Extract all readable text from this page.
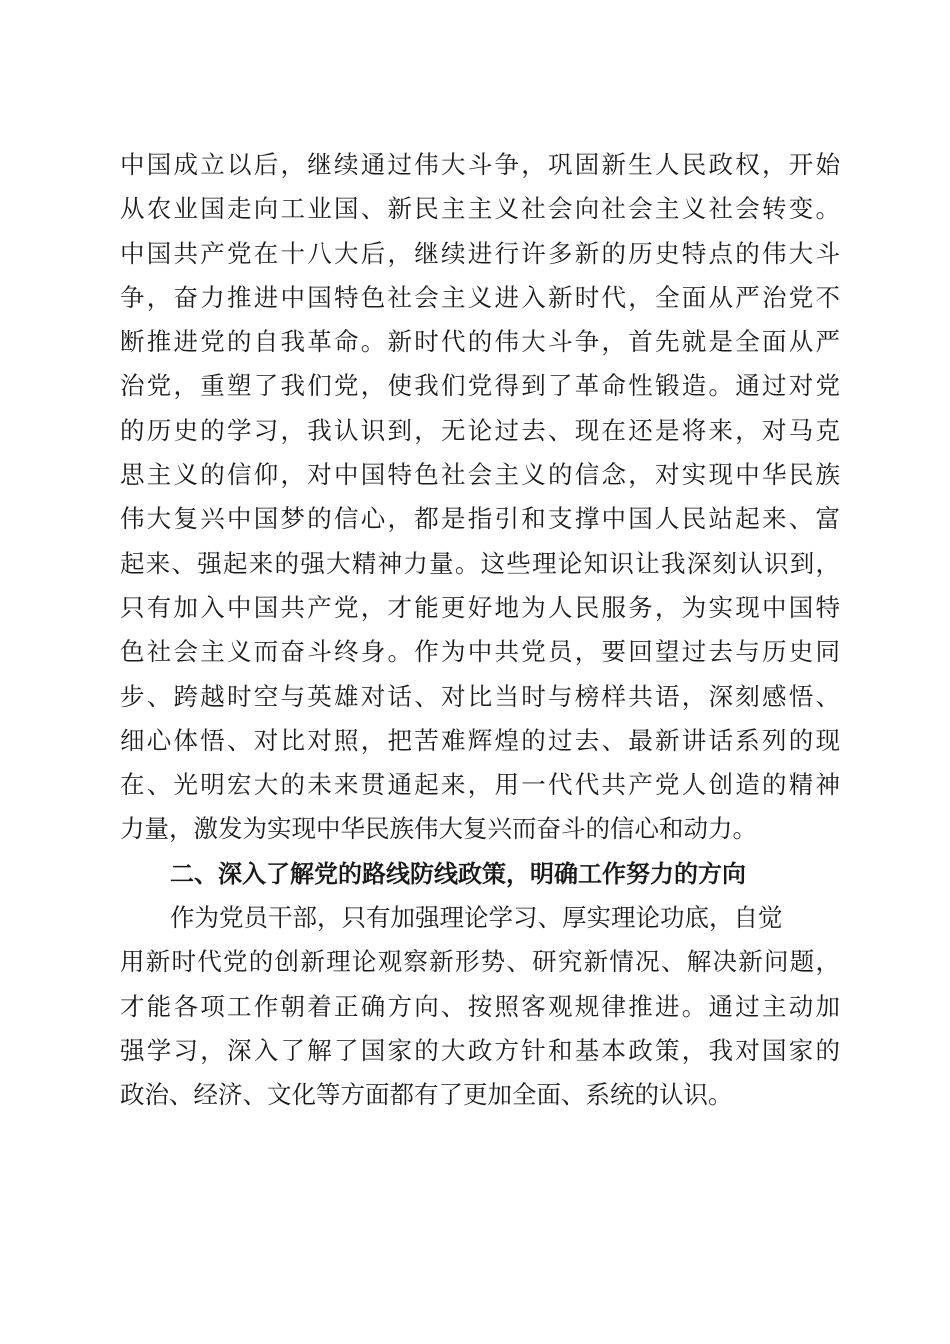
中国成立以后，继续通过伟大斗争，巩固新生人民政权，开始
从农业国走向工业国、新民主主义社会向社会主义社会转变。
中国共产党在十八大后，继续进行许多新的历史特点的伟大斗
争，奋力推进中国特色社会主义进入新时代，全面从严治党不
断推进党的自我革命。新时代的伟大斗争，首先就是全面从严
治党，重塑了我们党，使我们党得到了革命性锻造。通过对党
的历史的学习，我认识到，无论过去、现在还是将来，对马克
思主义的信仰，对中国特色社会主义的信念，对实现中华民族
伟大复兴中国梦的信心，都是指引和支撑中国人民站起来、富
起来、强起来的强大精神力量。这些理论知识让我深刻认识到，
只有加入中国共产党，才能更好地为人民服务，为实现中国特
色社会主义而奋斗终身。作为中共党员，要回望过去与历史同
步、跨越时空与英雄对话、对比当时与榜样共语，深刻感悟、
细心体悟、对比对照，把苦难辉煌的过去、最新讲话系列的现
在、光明宏大的未来贯通起来，用一代代共产党人创造的精神
力量，激发为实现中华民族伟大复兴而奋斗的信心和动力。
二、深入了解党的路线防线政策，明确工作努力的方向
作为党员干部，只有加强理论学习、厚实理论功底，自觉
用新时代党的创新理论观察新形势、研究新情况、解决新问题，
才能各项工作朝着正确方向、按照客观规律推进。通过主动加
强学习，深入了解了国家的大政方针和基本政策，我对国家的
政治、经济、文化等方面都有了更加全面、系统的认识。
